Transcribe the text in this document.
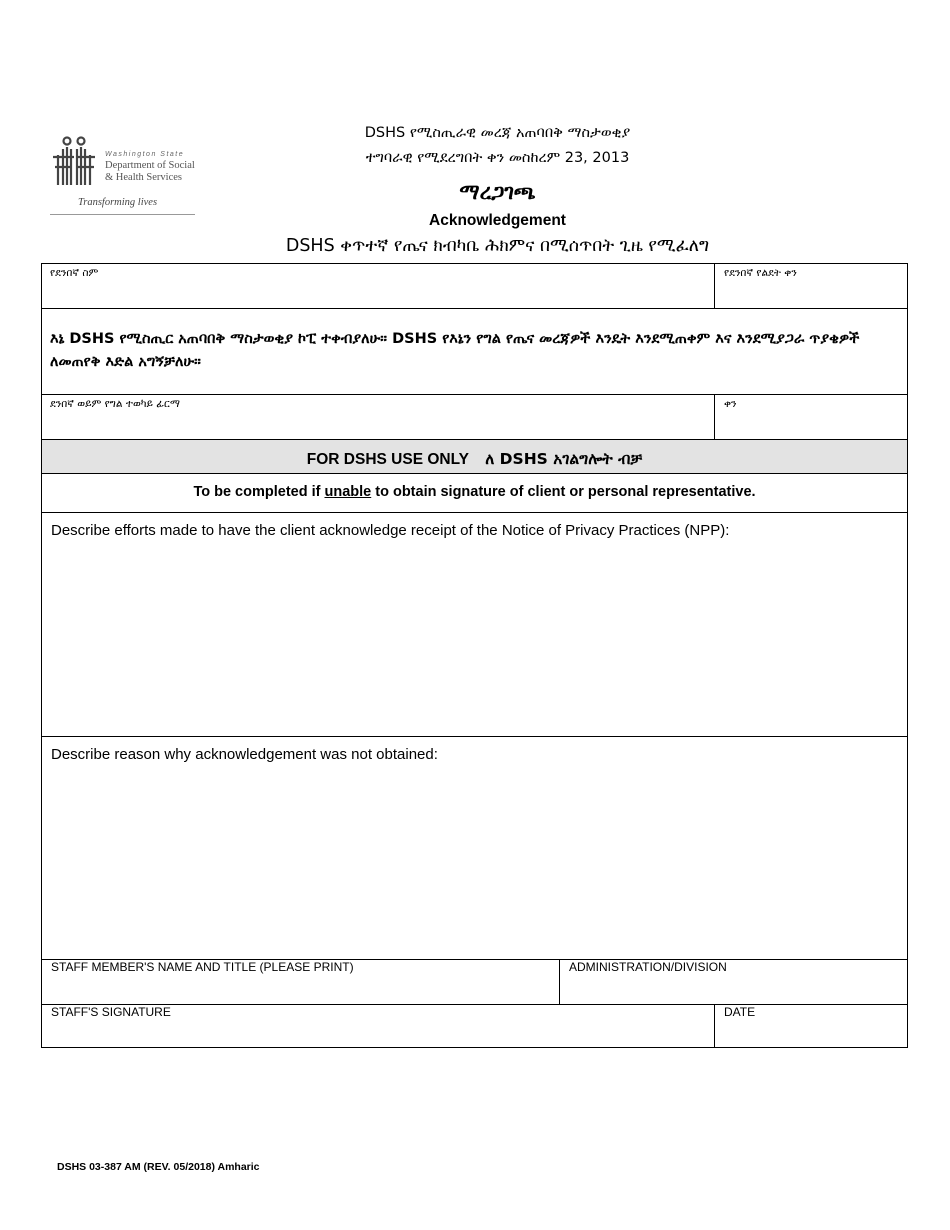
Washington State
Department of Social
& Health Services
Transforming lives
DSHS የሚስጢራዊ መረጃ አጠባበቅ ማስታወቂያ
ተግባራዊ የሚደረግበት ቀን መስከረም 23, 2013
ማረጋገጫ
Acknowledgement
DSHS ቀጥተኛ የጤና ክብካቤ ሕክምና በሚሰጥበት ጊዜ የሚፈለግ
የደንበኛ ስም	የደንበኛ የልደት ቀን
እኔ DSHS የሚስጢር አጠባበቅ ማስታወቂያ ኮፒ ተቀብያለሁ። DSHS የእኔን የግል የጤና መረጃዎች እንዴት እንደሚጠቀም እና እንደሚያጋራ ጥያቄዎች ለመጠየቅ እድል አግኝቻለሁ።
ደንበኛ ወይም የግል ተወካይ ፊርማ	ቀን
FOR DSHS USE ONLY ለ DSHS አገልግሎት ብቻ
To be completed if unable to obtain signature of client or personal representative.
Describe efforts made to have the client acknowledge receipt of the Notice of Privacy Practices (NPP):
Describe reason why acknowledgement was not obtained:
STAFF MEMBER'S NAME AND TITLE (PLEASE PRINT)	ADMINISTRATION/DIVISION
STAFF'S SIGNATURE	DATE
DSHS 03-387 AM (REV. 05/2018) Amharic
